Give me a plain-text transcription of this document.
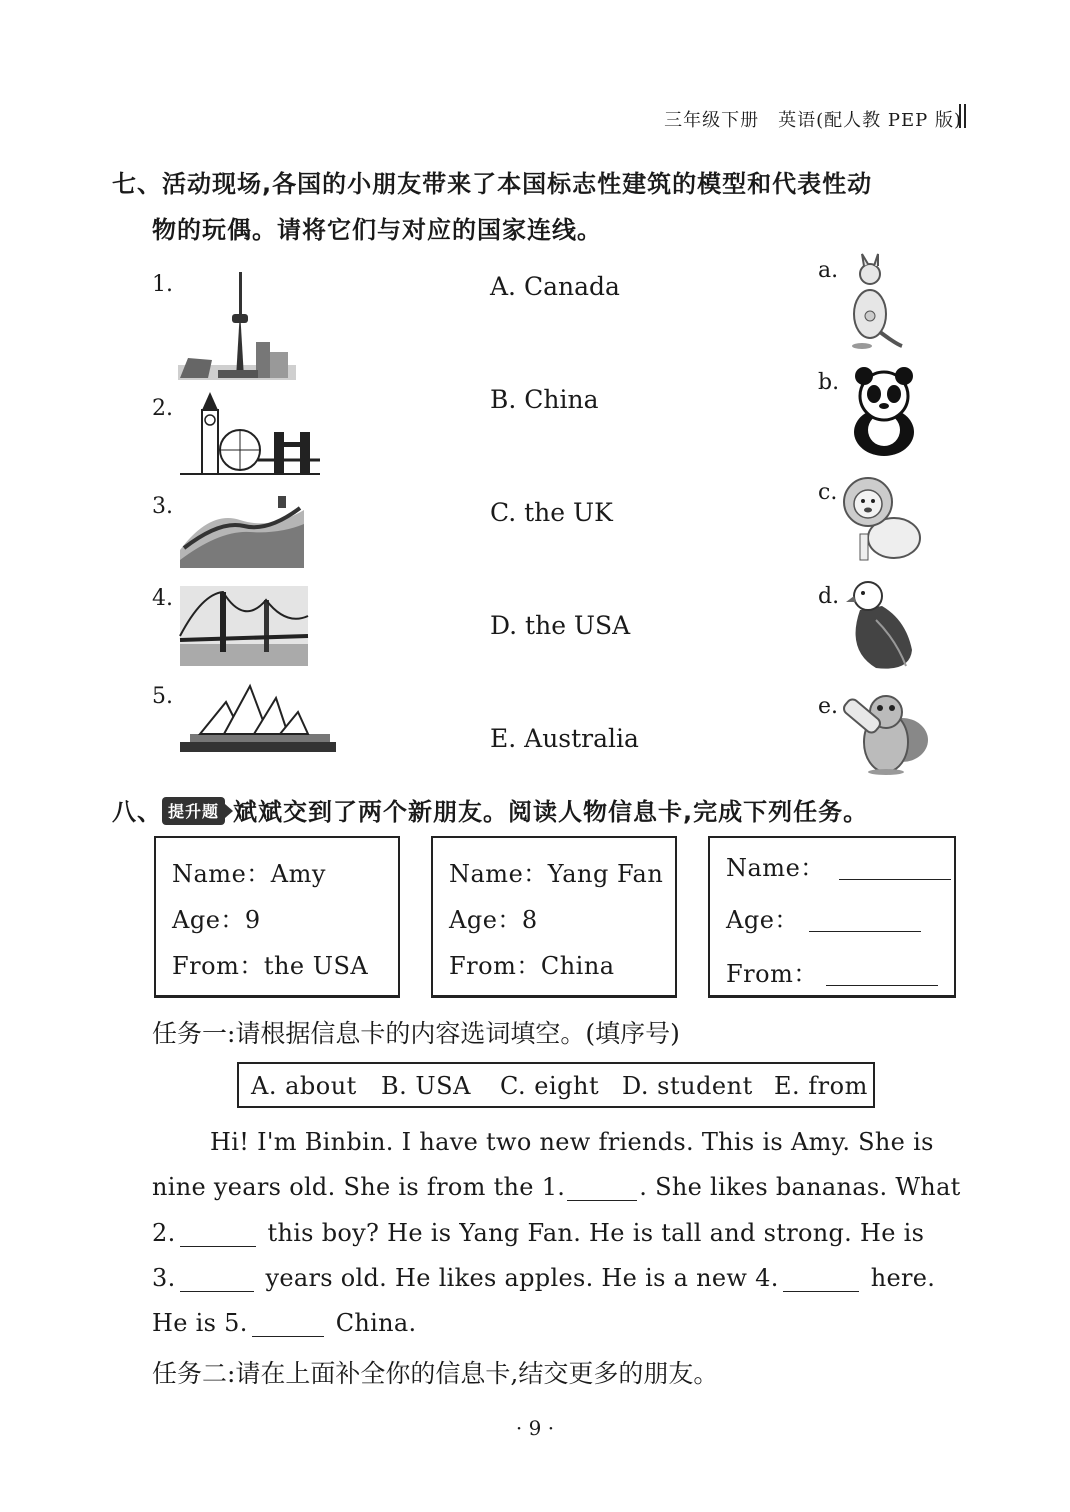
三年级下册　英语(配人教 PEP 版)
七、活动现场,各国的小朋友带来了本国标志性建筑的模型和代表性动
物的玩偶。请将它们与对应的国家连线。
1.
2.
3.
4.
5.
A. Canada
B. China
C. the UK
D. the USA
E. Australia
a.
b.
c.
d.
e.
八、 提升题 斌斌交到了两个新朋友。阅读人物信息卡,完成下列任务。
Name：Amy
Age：9
From：the USA
Name：Yang Fan
Age：8
From：China
Name：
Age：
From：
任务一:请根据信息卡的内容选词填空。(填序号)
A. about B. USA C. eight D. student E. from
Hi! I'm Binbin. I have two new friends. This is Amy. She is
nine years old. She is from the 1.	. She likes bananas. What
2.	this boy? He is Yang Fan. He is tall and strong. He is
3.	years old. He likes apples. He is a new 4.	here.
He is 5.	China.
任务二:请在上面补全你的信息卡,结交更多的朋友。
· 9 ·
